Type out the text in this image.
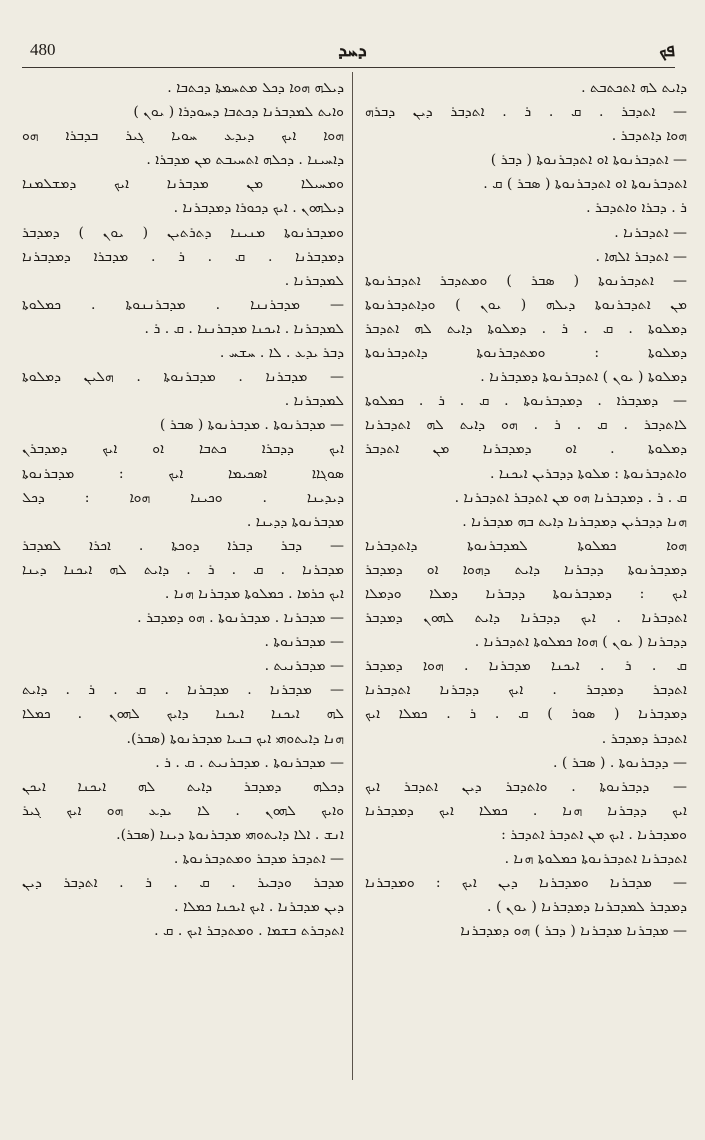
480	ܕܚܕ	ܦܟ
ܕܝܠܗ ܗܘܐ ܕܟܠ ܡܬܚܡܬܐ ܕܟܬܒܐ .
ܘܐܝܬ ܠܡܕܒܪܢܐ ܕܟܬܒܐ ܕܚܘܕܪܐ ( ܝܘܢ )
ܗܘܐ ܐܝܟ ܕܝܕܥ ܚܘܝܐ ܓܝܪ ܒܕܒܪܐ ܗܘ
ܕܐܚܝܢܐ . ܕܟܠܗ ܐܬܚܝܒܬ ܡܢ ܡܕܒܪܐ .
ܘܡܚܝܠܐ ܡܢ ܡܕܒܪܢܐ ܐܝܟ ܕܡܫܠܡܢܐ
ܕܝܠܗܘܢ . ܐܝܟ ܕܟܘܪܐ ܕܡܕܒܪܢܐ .
ܘܡܕܒܪܢܘܬܐ ܡܢܝܢܐ ܕܬܪܬܝܢ ( ܝܘܢ ) ܕܡܕܒܪ
ܕܡܕܒܪܢܐ . ܩ . ܪ . ܡܕܒܪܐ ܕܡܕܒܪܢܐ
ܠܡܕܒܪܢܐ .
— ܡܕܒܪܢܢܐ . ܡܕܒܪܢܢܘܬܐ . ܟܡܠܘܬܐ
ܠܡܕܒܪܢܐ . ܐܝܟܢܐ ܡܕܒܪܢܢܐ . ܩ . ܪ .
ܕܒܪ ܝܕܥ . ܠܐ . ܚܫܚ .
— ܡܕܒܪܢܐ . ܡܕܒܪܢܘܬܐ . ܗܠܝܢ ܕܡܠܘܬܐ
ܠܡܕܒܪܢܐ .
— ܡܕܒܪܢܘܬܐ . ܡܕܒܪܢܘܬܐ ( ܣܒܪ )
ܐܝܟ ܕܕܒܪܐ ܟܬܒܐ ܐܘ ܐܝܟ ܕܡܕܒܪܢ
ܣܘܓܐܐ ܐܣܟܝܡܐ ܐܝܟ : ܡܕܒܪܢܘܬܐ
ܕܝܕܝܢܐ . ܘܟܝܢܐ ܗܘܐ : ܕܟܠ
ܡܕܒܪܢܘܬܐ ܕܕܝܢܐ .
— ܕܒܪ ܕܒܪܐ ܕܘܟܬܐ . ܐܟܪܐ ܠܡܕܒܪ
ܡܕܒܪܢܐ . ܩ . ܪ . ܕܐܝܬ ܠܗ ܐܝܟܢܐ ܕܝܢܐ
ܐܝܟ ܟܪܡܐ . ܟܡܠܘܬܐ ܡܕܒܪܢܐ ܗܢܐ .
— ܡܕܒܪܢܐ . ܡܕܒܪܢܘܬܐ . ܗܘ ܕܡܕܒܪ .
— ܡܕܒܪܢܘܬܐ .
— ܡܕܒܪܢܝܬ .
— ܡܕܒܪܢܐ . ܡܕܒܪܢܐ . ܩ . ܪ . ܕܐܝܬ
ܠܗ ܐܝܟܢܐ ܐܝܟܢܐ ܕܐܝܟ ܠܗܘܢ . ܟܡܠܐ
ܗܢܐ ܕܐܝܬܘܗܝ ܐܝܟ ܒܢܝܐ ܡܕܒܪܢܘܬܐ (ܣܒܪ).
— ܡܕܒܪܢܘܬܐ . ܡܕܒܪܢܝܬ . ܩ . ܪ .
ܕܟܠܗ ܕܡܕܒܪ ܕܐܝܬ ܠܗ ܐܝܟܢܐ ܐܝܟܢ
ܘܐܝܟ ܠܗܘܢ . ܠܐ ܝܕܥ ܗܘ ܐܝܟ ܓܝܪ
ܐܢܫ . ܐܠܐ ܕܐܝܬܘܗܝ ܡܕܒܪܢܘܬܐ ܕܝܢܐ (ܣܒܪ).
— ܐܬܕܒܪ ܡܕܒܪ ܘܡܬܕܒܪܢܘܬܐ .
ܡܕܒܪ ܘܕܒܝܪ . ܩ . ܪ . ܐܬܕܒܪ ܕܝܢ
ܕܝܢ ܡܕܒܪܢܐ . ܐܝܟ ܐܝܟܢܐ ܟܡܠܐ .
ܐܬܕܒܪܬ ܒܫܡܐ . ܘܡܬܕܒܪ ܐܝܟ . ܩ .
ܕܐܝܬ ܠܗ ܐܬܟܬܒܬ .
— ܐܬܕܒܪ . ܩ . ܪ . ܐܬܕܒܪ ܕܝܢ ܕܒܪܗ
ܗܘܐ ܕܐܬܕܒܪ .
— ܐܬܕܒܪܢܘܬܐ ܐܘ ܐܬܕܒܪܢܘܬܐ ( ܕܒܪ )
ܐܬܕܒܪܢܘܬܐ ܐܘ ܐܬܕܒܪܢܘܬܐ ( ܣܒܪ ) ܩ .
ܪ . ܕܒܪܐ ܘܐܬܕܒܪ .
— ܐܬܕܒܪܢܐ .
— ܐܬܕܒܪ ܐܠܗܐ .
— ܐܬܕܒܪܢܘܬܐ ( ܣܒܪ ) ܘܡܬܕܒܪ ܐܬܕܒܪܢܘܬܐ
ܡܢ ܐܬܕܒܪܢܘܬܐ ܕܝܠܗ ( ܝܘܢ ) ܘܕܐܬܕܒܪܢܘܬܐ
ܕܡܠܘܬܐ . ܩ . ܪ . ܕܡܠܘܬܐ ܕܐܝܬ ܠܗ ܐܬܕܒܪ
ܕܡܠܘܬܐ : ܘܡܬܕܒܪܢܘܬܐ ܕܐܬܕܒܪܢܘܬܐ
ܕܡܠܘܬܐ ( ܝܘܢ ) ܐܬܕܒܪܢܘܬܐ ܕܡܕܒܪܢܐ .
— ܕܡܕܒܪܐ . ܕܡܕܒܪܢܘܬܐ . ܩ . ܪ . ܟܡܠܘܬܐ
ܠܐܬܕܒܪ . ܩ . ܪ . ܗܘ ܕܐܝܬ ܠܗ ܐܬܕܒܪܢܐ
ܕܡܠܘܬܐ . ܐܘ ܕܡܕܒܪܢܐ ܡܢ ܐܬܕܒܪ
ܘܐܬܕܒܪܢܘܬܐ : ܡܠܘܬܐ ܕܕܒܪܝܢ ܐܝܟܢܐ .
ܩ . ܪ . ܕܡܕܒܪܢܐ ܗܘ ܡܢ ܐܬܕܒܪ ܐܬܕܒܪܢܐ .
ܗܢܐ ܕܕܒܪܝܢ ܕܡܕܒܪܢܐ ܕܐܝܬ ܒܗ ܡܕܒܪܢܐ .
ܗܘܐ ܟܡܠܘܬܐ ܠܡܕܒܪܢܘܬܐ ܕܐܬܕܒܪܢܐ
ܕܡܕܒܪܢܘܬܐ ܕܕܒܪܢܐ ܕܐܝܬ ܕܗܘܐ ܐܘ ܕܡܕܒܪ
ܐܝܟ : ܕܡܕܒܪܢܘܬܐ ܕܕܒܪܢܐ ܕܡܠܐ ܘܕܡܠܐ
ܐܬܕܒܪܢܐ . ܐܝܟ ܕܕܒܪܢܐ ܕܐܝܬ ܠܗܘܢ ܕܡܕܒܪ
ܕܕܒܪܢܐ ( ܝܘܢ ) ܗܘܐ ܟܡܠܘܬܐ ܐܬܕܒܪܢܐ .
ܩ . ܪ . ܐܝܟܢܐ ܡܕܒܪܢܐ . ܗܘܐ ܕܡܕܒܪ
ܐܬܕܒܪ ܕܡܕܒܪ . ܐܝܟ ܕܕܒܪܢܐ ܐܬܕܒܪܢܐ
ܕܡܕܒܪܢܐ ( ܣܘܪ ) ܩ . ܪ . ܟܡܠܐ ܐܝܟ
ܐܬܕܒܪ ܕܡܕܒܪ .
— ܕܕܒܪܢܘܬܐ . ( ܣܒܪ ) .
— ܕܕܒܪܢܘܬܐ . ܘܐܬܕܒܪ ܕܝܢ ܐܬܕܒܪ ܐܝܟ
ܐܝܟ ܕܕܒܪܢܐ ܗܢܐ . ܟܡܠܐ ܐܝܟ ܕܡܕܒܪܢܐ
ܘܡܕܒܪܢܐ . ܐܝܟ ܡܢ ܐܬܕܒܪ ܐܬܕܒܪ :
ܐܬܕܒܪܢܐ ܐܬܕܒܪܢܘܬܐ ܟܡܠܘܬܐ ܗܢܐ .
— ܡܕܒܪܢܐ ܘܡܕܒܪܢܐ ܕܝܢ ܐܝܟ : ܘܡܕܒܪܢܐ
ܕܡܕܒܪ ܠܡܕܒܪܢܐ ܕܡܕܒܪܢܐ ( ܝܘܢ ) .
— ܡܕܒܪܢܐ ܡܕܒܪܢܐ ( ܕܒܪ ) ܗܘ ܕܡܕܒܪܢܐ
